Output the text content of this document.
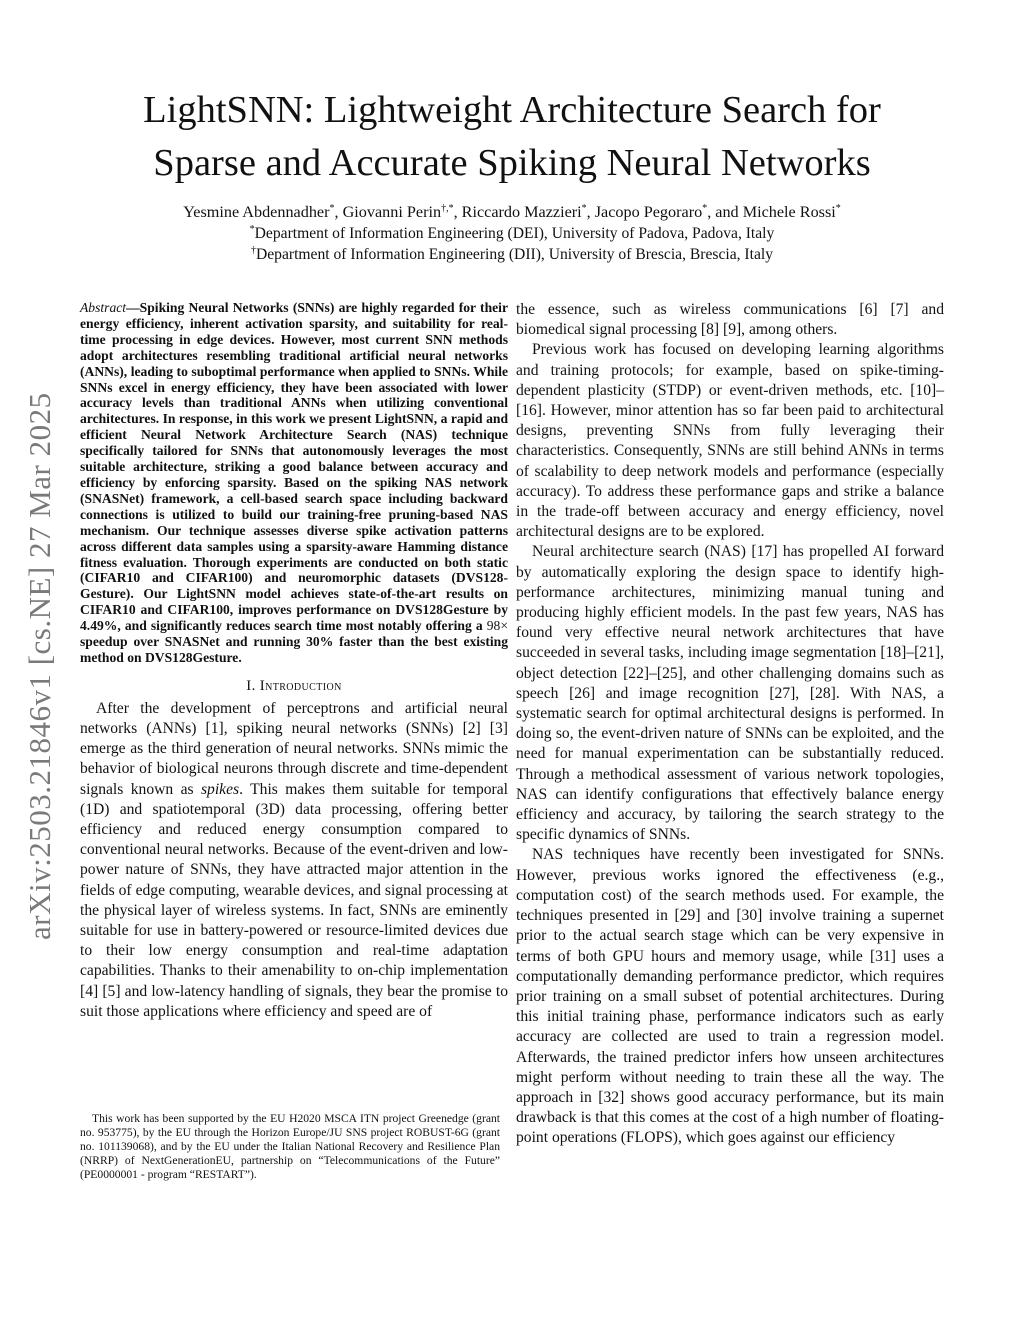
arXiv:2503.21846v1 [cs.NE] 27 Mar 2025
LightSNN: Lightweight Architecture Search for
Sparse and Accurate Spiking Neural Networks
Yesmine Abdennadher*, Giovanni Perin†,*, Riccardo Mazzieri*, Jacopo Pegoraro*, and Michele Rossi*
*Department of Information Engineering (DEI), University of Padova, Padova, Italy
†Department of Information Engineering (DII), University of Brescia, Brescia, Italy

Abstract—Spiking Neural Networks (SNNs) are highly regarded for their energy efficiency, inherent activation sparsity, and suitability for real-time processing in edge devices. However, most current SNN methods adopt architectures resembling traditional artificial neural networks (ANNs), leading to suboptimal performance when applied to SNNs. While SNNs excel in energy efficiency, they have been associated with lower accuracy levels than traditional ANNs when utilizing conventional architectures. In response, in this work we present LightSNN, a rapid and efficient Neural Network Architecture Search (NAS) technique specifically tailored for SNNs that autonomously leverages the most suitable architecture, striking a good balance between accuracy and efficiency by enforcing sparsity. Based on the spiking NAS network (SNASNet) framework, a cell-based search space including backward connections is utilized to build our training-free pruning-based NAS mechanism. Our technique assesses diverse spike activation patterns across different data samples using a sparsity-aware Hamming distance fitness evaluation. Thorough experiments are conducted on both static (CIFAR10 and CIFAR100) and neuromorphic datasets (DVS128-Gesture). Our LightSNN model achieves state-of-the-art results on CIFAR10 and CIFAR100, improves performance on DVS128Gesture by 4.49%, and significantly reduces search time most notably offering a 98× speedup over SNASNet and running 30% faster than the best existing method on DVS128Gesture.

I. Introduction

After the development of perceptrons and artificial neural networks (ANNs) [1], spiking neural networks (SNNs) [2] [3] emerge as the third generation of neural networks. SNNs mimic the behavior of biological neurons through discrete and time-dependent signals known as spikes. This makes them suitable for temporal (1D) and spatiotemporal (3D) data processing, offering better efficiency and reduced energy consumption compared to conventional neural networks. Because of the event-driven and low-power nature of SNNs, they have attracted major attention in the fields of edge computing, wearable devices, and signal processing at the physical layer of wireless systems. In fact, SNNs are eminently suitable for use in battery-powered or resource-limited devices due to their low energy consumption and real-time adaptation capabilities. Thanks to their amenability to on-chip implementation [4] [5] and low-latency handling of signals, they bear the promise to suit those applications where efficiency and speed are of

This work has been supported by the EU H2020 MSCA ITN project Greenedge (grant no. 953775), by the EU through the Horizon Europe/JU SNS project ROBUST-6G (grant no. 101139068), and by the EU under the Italian National Recovery and Resilience Plan (NRRP) of NextGenerationEU, partnership on “Telecommunications of the Future” (PE0000001 - program “RESTART”).

the essence, such as wireless communications [6] [7] and biomedical signal processing [8] [9], among others.

Previous work has focused on developing learning algorithms and training protocols; for example, based on spike-timing-dependent plasticity (STDP) or event-driven methods, etc. [10]–[16]. However, minor attention has so far been paid to architectural designs, preventing SNNs from fully leveraging their characteristics. Consequently, SNNs are still behind ANNs in terms of scalability to deep network models and performance (especially accuracy). To address these performance gaps and strike a balance in the trade-off between accuracy and energy efficiency, novel architectural designs are to be explored.

Neural architecture search (NAS) [17] has propelled AI forward by automatically exploring the design space to identify high-performance architectures, minimizing manual tuning and producing highly efficient models. In the past few years, NAS has found very effective neural network architectures that have succeeded in several tasks, including image segmentation [18]–[21], object detection [22]–[25], and other challenging domains such as speech [26] and image recognition [27], [28]. With NAS, a systematic search for optimal architectural designs is performed. In doing so, the event-driven nature of SNNs can be exploited, and the need for manual experimentation can be substantially reduced. Through a methodical assessment of various network topologies, NAS can identify configurations that effectively balance energy efficiency and accuracy, by tailoring the search strategy to the specific dynamics of SNNs.

NAS techniques have recently been investigated for SNNs. However, previous works ignored the effectiveness (e.g., computation cost) of the search methods used. For example, the techniques presented in [29] and [30] involve training a supernet prior to the actual search stage which can be very expensive in terms of both GPU hours and memory usage, while [31] uses a computationally demanding performance predictor, which requires prior training on a small subset of potential architectures. During this initial training phase, performance indicators such as early accuracy are collected are used to train a regression model. Afterwards, the trained predictor infers how unseen architectures might perform without needing to train these all the way. The approach in [32] shows good accuracy performance, but its main drawback is that this comes at the cost of a high number of floating-point operations (FLOPS), which goes against our efficiency
